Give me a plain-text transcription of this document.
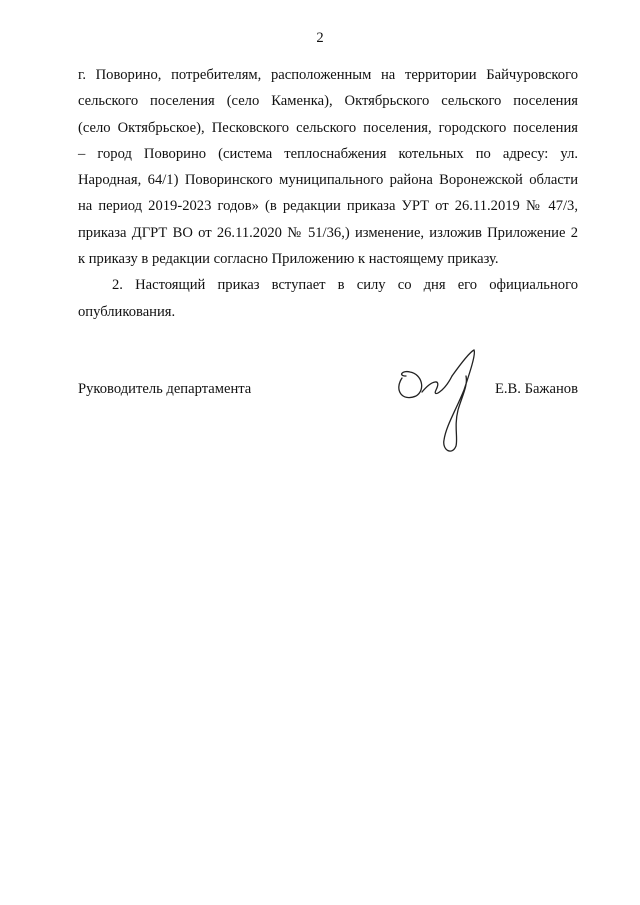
2
г. Поворино, потребителям, расположенным на территории Байчуровского
сельского поселения (село Каменка), Октябрьского сельского поселения
(село Октябрьское), Песковского сельского поселения, городского поселения
– город Поворино (система теплоснабжения котельных по адресу: ул.
Народная, 64/1) Поворинского муниципального района Воронежской области
на период 2019-2023 годов» (в редакции приказа УРТ от 26.11.2019 № 47/3,
приказа ДГРТ ВО от 26.11.2020 № 51/36,) изменение, изложив Приложение 2
к приказу в редакции согласно Приложению к настоящему приказу.
2. Настоящий приказ вступает в силу со дня его официального
опубликования.
Руководитель департамента	Е.В. Бажанов
